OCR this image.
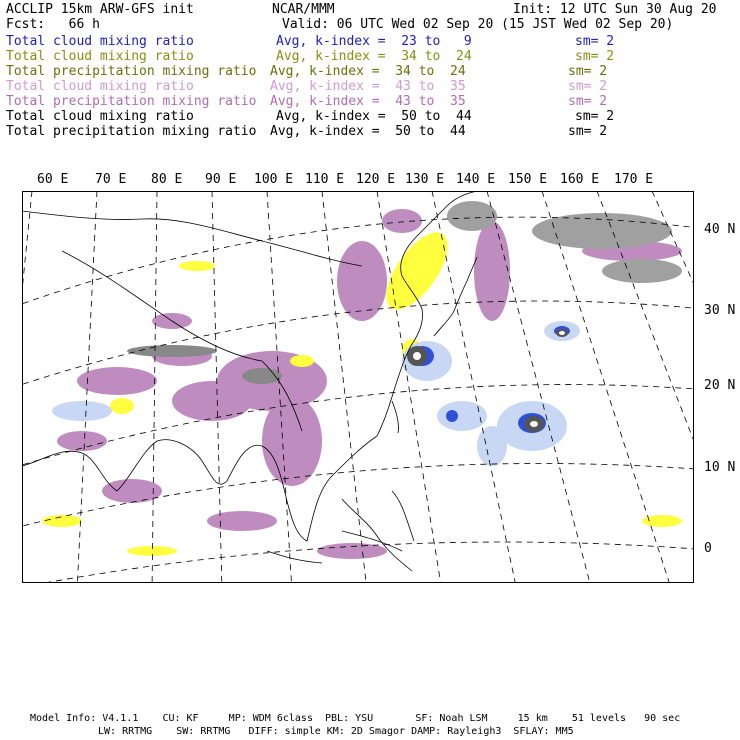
ACCLIP 15km ARW-GFS init	NCAR/MMM	Init: 12 UTC Sun 30 Aug 20
Fcst:   66 h	Valid: 06 UTC Wed 02 Sep 20 (15 JST Wed 02 Sep 20)
Total cloud mixing ratio	Avg, k-index =  23 to   9	sm= 2
Total cloud mixing ratio	Avg, k-index =  34 to  24	sm= 2
Total precipitation mixing ratio Avg, k-index =  34 to  24	sm= 2
Total cloud mixing ratio	Avg, k-index =  43 to  35	sm= 2
Total precipitation mixing ratio Avg, k-index =  43 to  35	sm= 2
Total cloud mixing ratio	Avg, k-index =  50 to  44	sm= 2
Total precipitation mixing ratio Avg, k-index =  50 to  44	sm= 2
60 E 70 E 80 E 90 E 100 E 110 E 120 E 130 E 140 E 150 E 160 E 170 E
40 N
30 N
20 N
10 N
0
Model Info: V4.1.1    CU: KF     MP: WDM 6class  PBL: YSU       SF: Noah LSM     15 km    51 levels   90 sec
LW: RRTMG    SW: RRTMG   DIFF: simple KM: 2D Smagor DAMP: Rayleigh3  SFLAY: MM5
